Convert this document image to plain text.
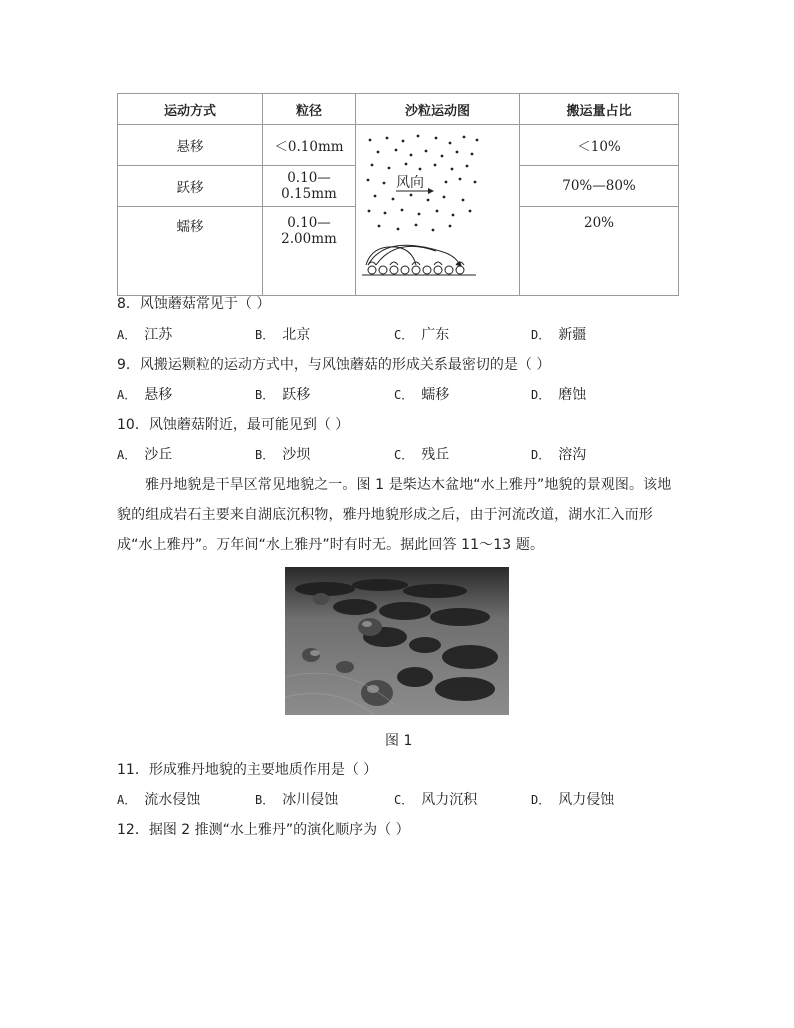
运动方式	粒径	沙粒运动图	搬运量占比
悬移	＜0.10mm	风向	＜10%
跃移	0.10—0.15mm		70%—80%
蠕移	0.10—2.00mm		20%
8．风蚀蘑菇常见于（ ）
A． 江苏	B． 北京	C． 广东	D． 新疆
9．风搬运颗粒的运动方式中，与风蚀蘑菇的形成关系最密切的是（ ）
A． 悬移	B． 跃移	C． 蠕移	D． 磨蚀
10．风蚀蘑菇附近，最可能见到（ ）
A． 沙丘	B． 沙坝	C． 残丘	D． 溶沟
雅丹地貌是干旱区常见地貌之一。图 1 是柴达木盆地“水上雅丹”地貌的景观图。该地貌的组成岩石主要来自湖底沉积物，雅丹地貌形成之后，由于河流改道，湖水汇入而形成“水上雅丹”。万年间“水上雅丹”时有时无。据此回答 11～13 题。
图 1
11．形成雅丹地貌的主要地质作用是（ ）
A． 流水侵蚀	B． 冰川侵蚀	C． 风力沉积	D． 风力侵蚀
12．据图 2 推测“水上雅丹”的演化顺序为（ ）
